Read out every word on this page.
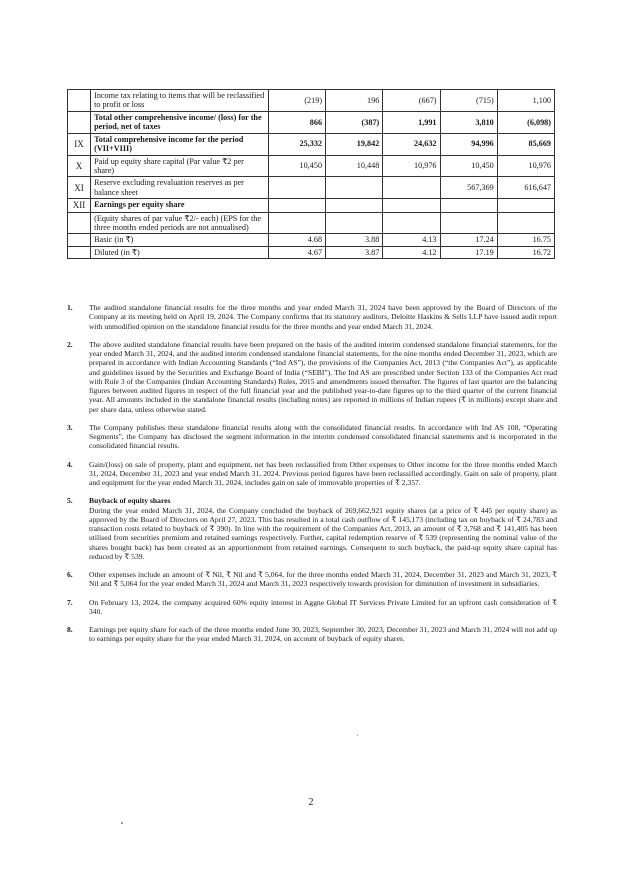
	Income tax relating to items that will be reclassified to profit or loss	(219)	196	(667)	(715)	1,100
	Total other comprehensive income/ (loss) for the period, net of taxes	866	(387)	1,991	3,810	(6,098)
IX	Total comprehensive income for the period (VII+VIII)	25,332	19,842	24,632	94,996	85,669
X	Paid up equity share capital (Par value ₹2 per share)	10,450	10,448	10,976	10,450	10,976
XI	Reserve excluding revaluation reserves as per balance sheet				567,369	616,647
XII	Earnings per equity share					
	(Equity shares of par value ₹2/- each) (EPS for the three months ended periods are not annualised)					
	Basic (in ₹)	4.68	3.88	4.13	17.24	16.75
	Diluted (in ₹)	4.67	3.87	4.12	17.19	16.72
1.	The audited standalone financial results for the three months and year ended March 31, 2024 have been approved by the Board of Directors of the Company at its meeting held on April 19, 2024. The Company confirms that its statutory auditors, Deloitte Haskins & Sells LLP have issued audit report with unmodified opinion on the standalone financial results for the three months and year ended March 31, 2024.
2.	The above audited standalone financial results have been prepared on the basis of the audited interim condensed standalone financial statements, for the year ended March 31, 2024, and the audited interim condensed standalone financial statements, for the nine months ended December 31, 2023, which are prepared in accordance with Indian Accounting Standards (“Ind AS”), the provisions of the Companies Act, 2013 (“the Companies Act”), as applicable and guidelines issued by the Securities and Exchange Board of India (“SEBI”). The Ind AS are prescribed under Section 133 of the Companies Act read with Rule 3 of the Companies (Indian Accounting Standards) Rules, 2015 and amendments issued thereafter. The figures of last quarter are the balancing figures between audited figures in respect of the full financial year and the published year-to-date figures up to the third quarter of the current financial year. All amounts included in the standalone financial results (including notes) are reported in millions of Indian rupees (₹ in millions) except share and per share data, unless otherwise stated.
3.	The Company publishes these standalone financial results along with the consolidated financial results. In accordance with Ind AS 108, “Operating Segments”, the Company has disclosed the segment information in the interim condensed consolidated financial statements and is incorporated in the consolidated financial results.
4.	Gain/(loss) on sale of property, plant and equipment, net has been reclassified from Other expenses to Other income for the three months ended March 31, 2024, December 31, 2023 and year ended March 31, 2024. Previous period figures have been reclassified accordingly. Gain on sale of property, plant and equipment for the year ended March 31, 2024, includes gain on sale of immovable properties of ₹ 2,357.
5.	Buyback of equity shares
During the year ended March 31, 2024, the Company concluded the buyback of 269,662,921 equity shares (at a price of ₹ 445 per equity share) as approved by the Board of Directors on April 27, 2023. This has resulted in a total cash outflow of ₹ 145,173 (including tax on buyback of ₹ 24,783 and transaction costs related to buyback of ₹ 390). In line with the requirement of the Companies Act, 2013, an amount of ₹ 3,768 and ₹ 141,405 has been utilised from securities premium and retained earnings respectively. Further, capital redemption reserve of ₹ 539 (representing the nominal value of the shares bought back) has been created as an apportionment from retained earnings. Consequent to such buyback, the paid-up equity share capital has reduced by ₹ 539.
6.	Other expenses include an amount of ₹ Nil, ₹ Nil and ₹ 5,064, for the three months ended March 31, 2024, December 31, 2023 and March 31, 2023, ₹ Nil and ₹ 5,064 for the year ended March 31, 2024 and March 31, 2023 respectively towards provision for diminution of investment in subsidiaries.
7.	On February 13, 2024, the company acquired 60% equity interest in Aggne Global IT Services Private Limited for an upfront cash consideration of ₹ 340.
8.	Earnings per equity share for each of the three months ended June 30, 2023, September 30, 2023, December 31, 2023 and March 31, 2024 will not add up to earnings per equity share for the year ended March 31, 2024, on account of buyback of equity shares.
2
